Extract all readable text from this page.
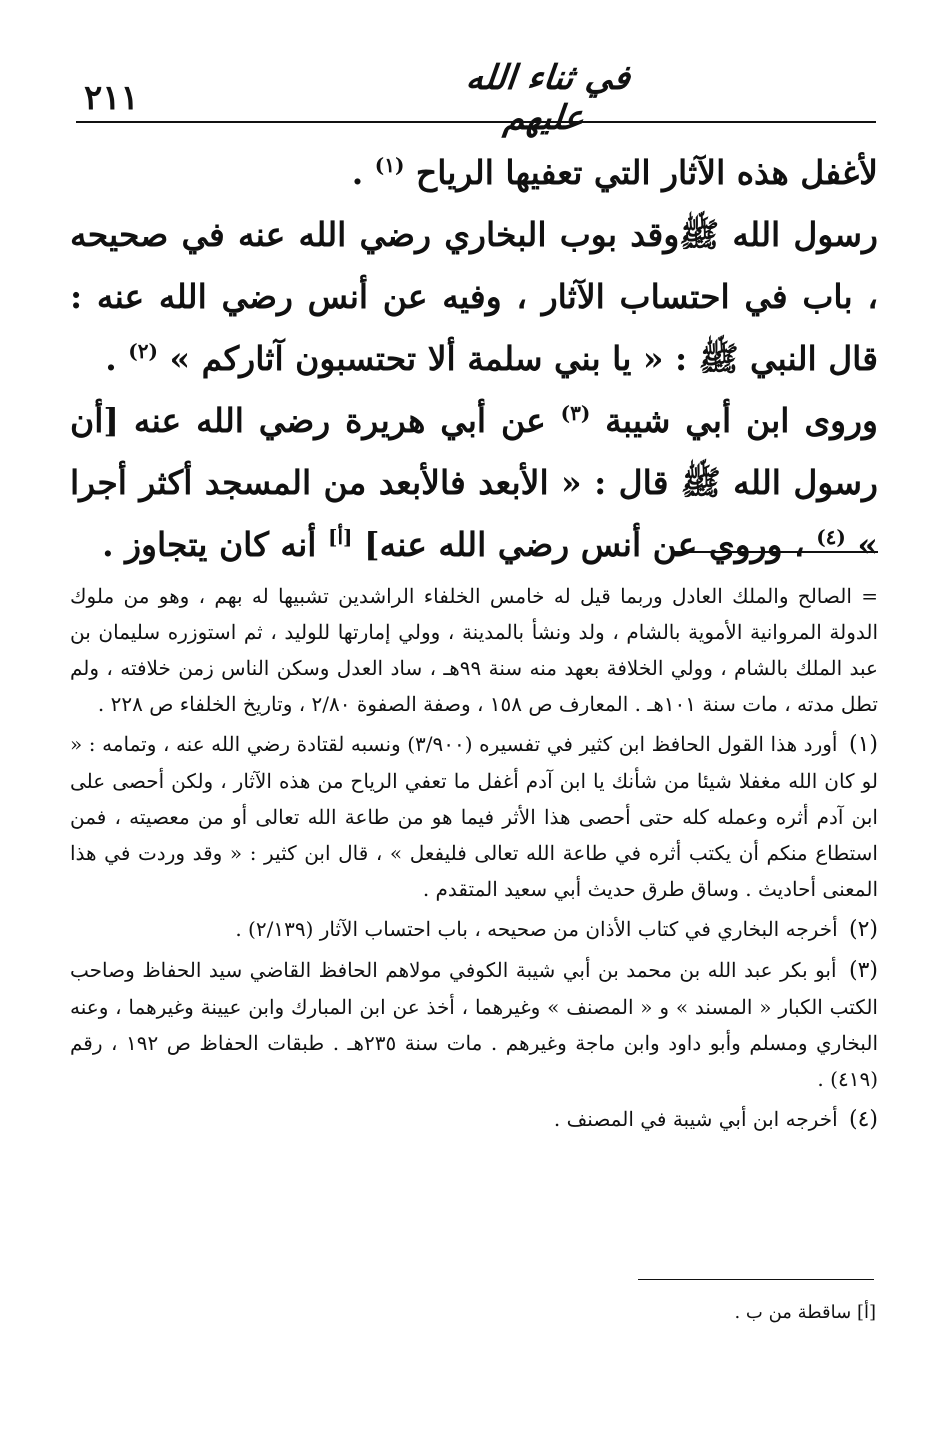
٢١١	في ثناء الله عليهم

لأغفل هذه الآثار التي تعفيها الرياح $^{(١)}$ .

رسول الله ﷺوقد بوب البخاري رضي الله عنه في صحيحه ، باب في احتساب الآثار ، وفيه عن أنس رضي الله عنه : قال النبي ﷺ : « يا بني سلمة ألا تحتسبون آثاركم » $^{(٢)}$ .

وروى ابن أبي شيبة $^{(٣)}$ عن أبي هريرة رضي الله عنه [أن رسول الله ﷺ قال : « الأبعد فالأبعد من المسجد أكثر أجرا » $^{(٤)}$ ، وروي عن أنس رضي الله عنه] [أ] أنه كان يتجاوز .

= الصالح والملك العادل وربما قيل له خامس الخلفاء الراشدين تشبيها له بهم ، وهو من ملوك الدولة المروانية الأموية بالشام ، ولد ونشأ بالمدينة ، وولي إمارتها للوليد ، ثم استوزره سليمان بن عبد الملك بالشام ، وولي الخلافة بعهد منه سنة ٩٩هـ ، ساد العدل وسكن الناس زمن خلافته ، ولم تطل مدته ، مات سنة ١٠١هـ . المعارف ص ١٥٨ ، وصفة الصفوة ٢/٨٠ ، وتاريخ الخلفاء ص ٢٢٨ .

(١) أورد هذا القول الحافظ ابن كثير في تفسيره (٣/٩٠٠) ونسبه لقتادة رضي الله عنه ، وتمامه : « لو كان الله مغفلا شيئا من شأنك يا ابن آدم أغفل ما تعفي الرياح من هذه الآثار ، ولكن أحصى على ابن آدم أثره وعمله كله حتى أحصى هذا الأثر فيما هو من طاعة الله تعالى أو من معصيته ، فمن استطاع منكم أن يكتب أثره في طاعة الله تعالى فليفعل » ، قال ابن كثير : « وقد وردت في هذا المعنى أحاديث . وساق طرق حديث أبي سعيد المتقدم .

(٢) أخرجه البخاري في كتاب الأذان من صحيحه ، باب احتساب الآثار (٢/١٣٩) .

(٣) أبو بكر عبد الله بن محمد بن أبي شيبة الكوفي مولاهم الحافظ القاضي سيد الحفاظ وصاحب الكتب الكبار « المسند » و « المصنف » وغيرهما ، أخذ عن ابن المبارك وابن عيينة وغيرهما ، وعنه البخاري ومسلم وأبو داود وابن ماجة وغيرهم . مات سنة ٢٣٥هـ . طبقات الحفاظ ص ١٩٢ ، رقم (٤١٩) .

(٤) أخرجه ابن أبي شيبة في المصنف .

[أ] ساقطة من ب .
